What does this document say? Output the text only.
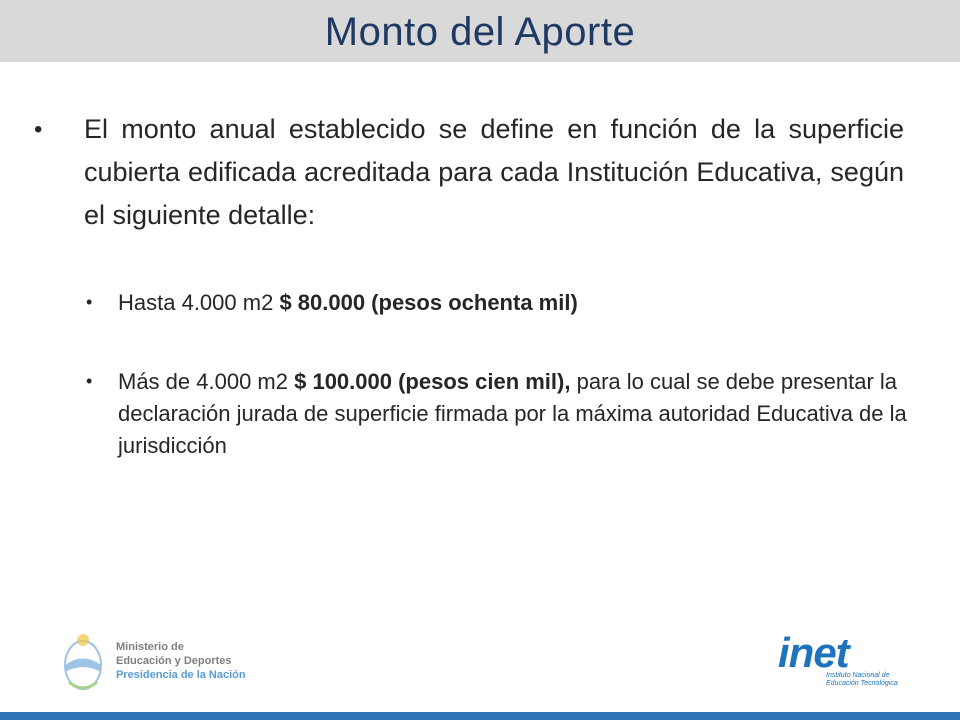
Monto del Aporte
• El monto anual establecido se define en función de la superficie cubierta edificada acreditada para cada Institución Educativa, según el siguiente detalle:
• Hasta 4.000 m2 $ 80.000 (pesos ochenta mil)
• Más de 4.000 m2 $ 100.000 (pesos cien mil), para lo cual se debe presentar la declaración jurada de superficie firmada por la máxima autoridad Educativa de la jurisdicción
Ministerio de
Educación y Deportes
Presidencia de la Nación	inet
Instituto Nacional de
Educación Tecnológica
